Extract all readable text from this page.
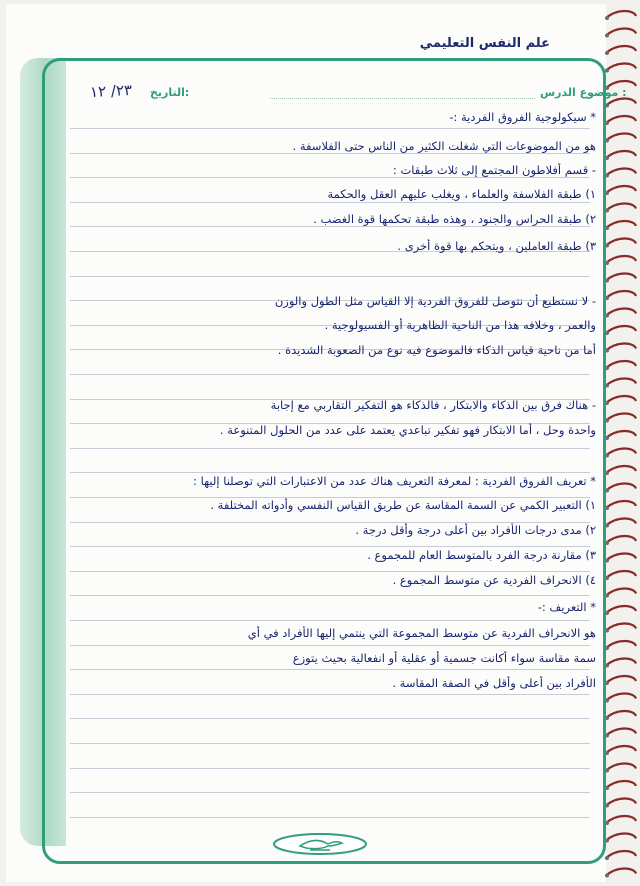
علم النفس التعليمي
موضوع الدرس :
التاريخ:
٢٣/ ١٢
* سيكولوجية الفروق الفردية :-
هو من الموضوعات التي شغلت الكثير من الناس حتى الفلاسفة .
- قسم أفلاطون المجتمع إلى ثلاث طبقات :
١) طبقة الفلاسفة والعلماء ، ويغلب عليهم العقل والحكمة
٢) طبقة الحراس والجنود ، وهذه طبقة تحكمها قوة الغضب .
٣) طبقة العاملين ، ويتحكم بها قوة أخرى .
- لا نستطيع أن نتوصل للفروق الفردية إلا القياس مثل الطول والوزن
والعمر ، وخلافه هذا من الناحية الظاهرية أو الفسيولوجية .
أما من ناحية قياس الذكاء فالموضوع فيه نوع من الصعوبة الشديدة .
- هناك فرق بين الذكاء والابتكار ، فالذكاء هو التفكير التقاربي مع إجابة
واحدة وحل ، أما الابتكار فهو تفكير تباعدي يعتمد على عدد من الحلول المتنوعة .
* تعريف الفروق الفردية : لمعرفة التعريف هناك عدد من الاعتبارات التي توصلنا إليها :
١) التعبير الكمي عن السمة المقاسة عن طريق القياس النفسي وأدواته المختلفة .
٢) مدى درجات الأفراد بين أعلى درجة وأقل درجة .
٣) مقارنة درجة الفرد بالمتوسط العام للمجموع .
٤) الانحراف الفردية عن متوسط المجموع .
* التعريف :-
هو الانحراف الفردية عن متوسط المجموعة التي ينتمي إليها الأفراد في أي
سمة مقاسة سواء أكانت جسمية أو عقلية أو انفعالية بحيث يتوزع
الأفراد بين أعلى وأقل في الصفة المقاسة .
